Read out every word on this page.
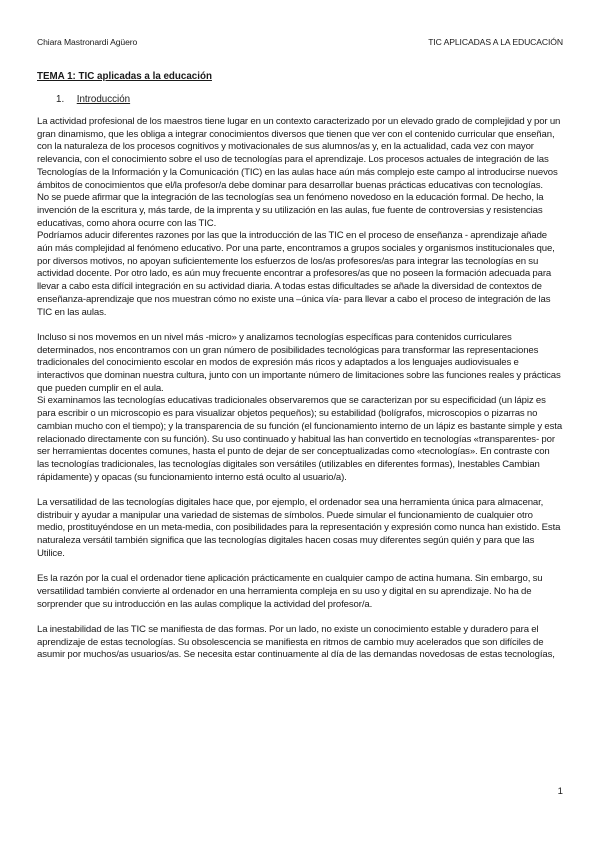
Chiara Mastronardi Agüero	TIC APLICADAS A LA EDUCACIÓN
TEMA 1: TIC aplicadas a la educación
1. Introducción

La actividad profesional de los maestros tiene lugar en un contexto caracterizado por un elevado grado de complejidad y por un gran dinamismo, que les obliga a integrar conocimientos diversos que tienen que ver con el contenido curricular que enseñan, con la naturaleza de los procesos cognitivos y motivacionales de sus alumnos/as y, en la actualidad, cada vez con mayor relevancia, con el conocimiento sobre el uso de tecnologías para el aprendizaje. Los procesos actuales de integración de las Tecnologías de la Información y la Comunicación (TIC) en las aulas hace aún más complejo este campo al introducirse nuevos ámbitos de conocimientos que el/la profesor/a debe dominar para desarrollar buenas prácticas educativas con tecnologías.

No se puede afirmar que la integración de las tecnologías sea un fenómeno novedoso en la educación formal. De hecho, la invención de la escritura y, más tarde, de la imprenta y su utilización en las aulas, fue fuente de controversias y resistencias educativas, como ahora ocurre con las TIC.

Podríamos aducir diferentes razones por las que la introducción de las TIC en el proceso de enseñanza - aprendizaje añade aún más complejidad al fenómeno educativo. Por una parte, encontramos a grupos sociales y organismos institucionales que, por diversos motivos, no apoyan suficientemente los esfuerzos de los/as profesores/as para integrar las tecnologías en su actividad docente. Por otro lado, es aún muy frecuente encontrar a profesores/as que no poseen la formación adecuada para llevar a cabo esta difícil integración en su actividad diaria. A todas estas dificultades se añade la diversidad de contextos de enseñanza-aprendizaje que nos muestran cómo no existe una –única vía- para llevar a cabo el proceso de integración de las TIC en las aulas.

Incluso si nos movemos en un nivel más -micro» y analizamos tecnologías específicas para contenidos curriculares determinados, nos encontramos con un gran número de posibilidades tecnológicas para transformar las representaciones tradicionales del conocimiento escolar en modos de expresión más ricos y adaptados a los lenguajes audiovisuales e interactivos que dominan nuestra cultura, junto con un importante número de limitaciones sobre las funciones reales y prácticas que pueden cumplir en el aula.

Si examinamos las tecnologías educativas tradicionales observaremos que se caracterizan por su especificidad (un lápiz es para escribir o un microscopio es para visualizar objetos pequeños); su estabilidad (bolígrafos, microscopios o pizarras no cambian mucho con el tiempo); y la transparencia de su función (el funcionamiento interno de un lápiz es bastante simple y esta relacionado directamente con su función). Su uso continuado y habitual las han convertido en tecnologías «transparentes- por ser herramientas docentes comunes, hasta el punto de dejar de ser conceptualizadas como «tecnologías». En contraste con las tecnologías tradicionales, las tecnologías digitales son versátiles (utilizables en diferentes formas), Inestables Cambian

rápidamente) y opacas (su funcionamiento interno está oculto al usuario/a).

La versatilidad de las tecnologías digitales hace que, por ejemplo, el ordenador sea una herramienta única para almacenar, distribuir y ayudar a manipular una variedad de sistemas de símbolos. Puede simular el funcionamiento de cualquier otro medio, prostituyéndose en un meta-media, con posibilidades para la representación y expresión como nunca han existido. Esta naturaleza versátil también significa que las tecnologías digitales hacen cosas muy diferentes según quién y para que las Utilice.

Es la razón por la cual el ordenador tiene aplicación prácticamente en cualquier campo de actina humana. Sin embargo, su versatilidad también convierte al ordenador en una herramienta compleja en su uso y digital en su aprendizaje. No ha de sorprender que su introducción en las aulas complique la actividad del profesor/a.

La inestabilidad de las TIC se manifiesta de das formas. Por un lado, no existe un conocimiento estable y duradero para el aprendizaje de estas tecnologías. Su obsolescencia se manifiesta en ritmos de cambio muy acelerados que son difíciles de asumir por muchos/as usuarios/as. Se necesita estar continuamente al día de las demandas novedosas de estas tecnologías,

1
